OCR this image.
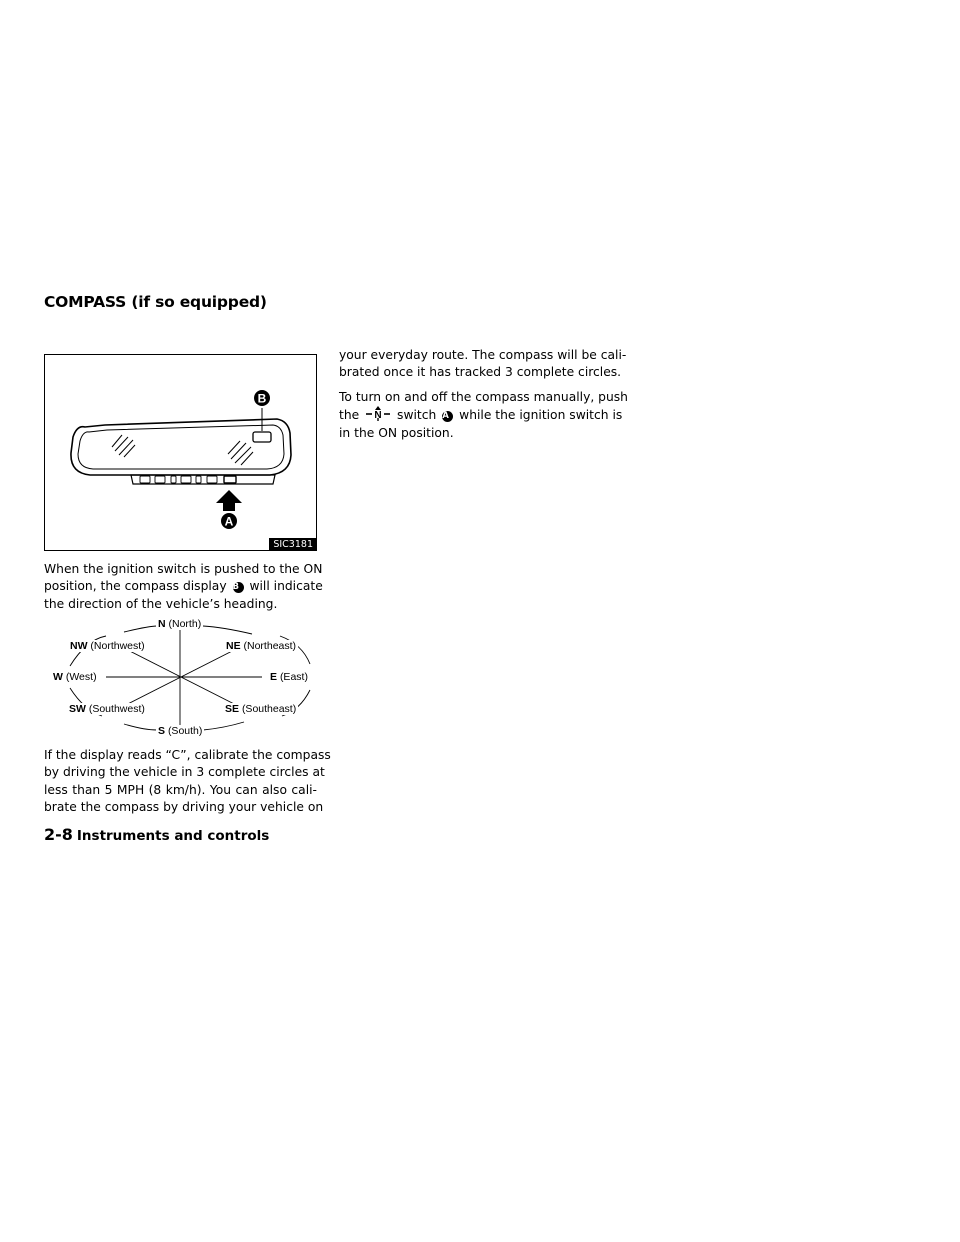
COMPASS (if so equipped)
B
A
SIC3181
When the ignition switch is pushed to the ON
position, the compass display B will indicate
the direction of the vehicle’s heading.
N (North)
NW (Northwest)	NE (Northeast)
W (West)	E (East)
SW (Southwest)	SE (Southeast)
S (South)
If the display reads “C”, calibrate the compass
by driving the vehicle in 3 complete circles at
less than 5 MPH (8 km/h). You can also cali-
brate the compass by driving your vehicle on
your everyday route. The compass will be cali-
brated once it has tracked 3 complete circles.
To turn on and off the compass manually, push
the N switch A while the ignition switch is
in the ON position.
2-8 Instruments and controls
